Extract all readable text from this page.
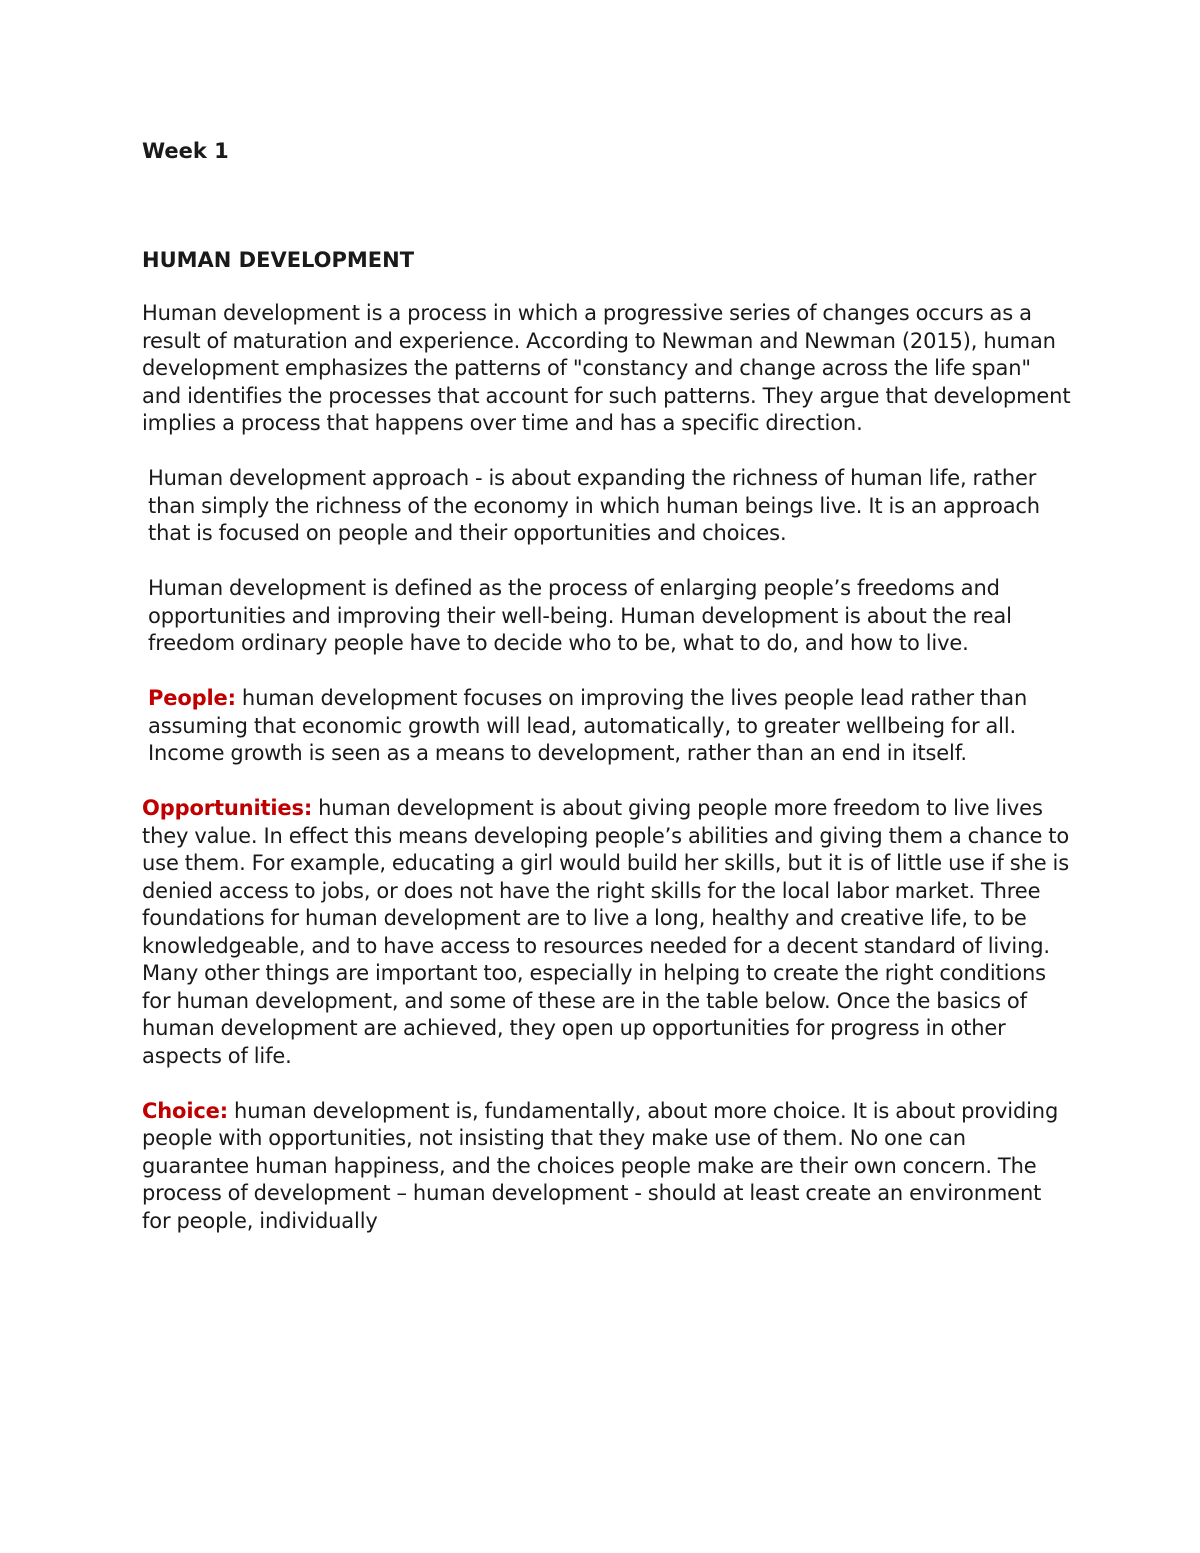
Week 1
HUMAN DEVELOPMENT

Human development is a process in which a progressive series of changes occurs as a result of maturation and experience. According to Newman and Newman (2015), human development emphasizes the patterns of "constancy and change across the life span" and identifies the processes that account for such patterns. They argue that development implies a process that happens over time and has a specific direction.

Human development approach - is about expanding the richness of human life, rather than simply the richness of the economy in which human beings live. It is an approach that is focused on people and their opportunities and choices.

Human development is defined as the process of enlarging people’s freedoms and opportunities and improving their well-being. Human development is about the real freedom ordinary people have to decide who to be, what to do, and how to live.

People: human development focuses on improving the lives people lead rather than assuming that economic growth will lead, automatically, to greater wellbeing for all. Income growth is seen as a means to development, rather than an end in itself.

Opportunities: human development is about giving people more freedom to live lives they value. In effect this means developing people’s abilities and giving them a chance to use them. For example, educating a girl would build her skills, but it is of little use if she is denied access to jobs, or does not have the right skills for the local labor market. Three foundations for human development are to live a long, healthy and creative life, to be knowledgeable, and to have access to resources needed for a decent standard of living. Many other things are important too, especially in helping to create the right conditions for human development, and some of these are in the table below. Once the basics of human development are achieved, they open up opportunities for progress in other aspects of life.

Choice: human development is, fundamentally, about more choice. It is about providing people with opportunities, not insisting that they make use of them. No one can guarantee human happiness, and the choices people make are their own concern. The process of development – human development - should at least create an environment for people, individually
